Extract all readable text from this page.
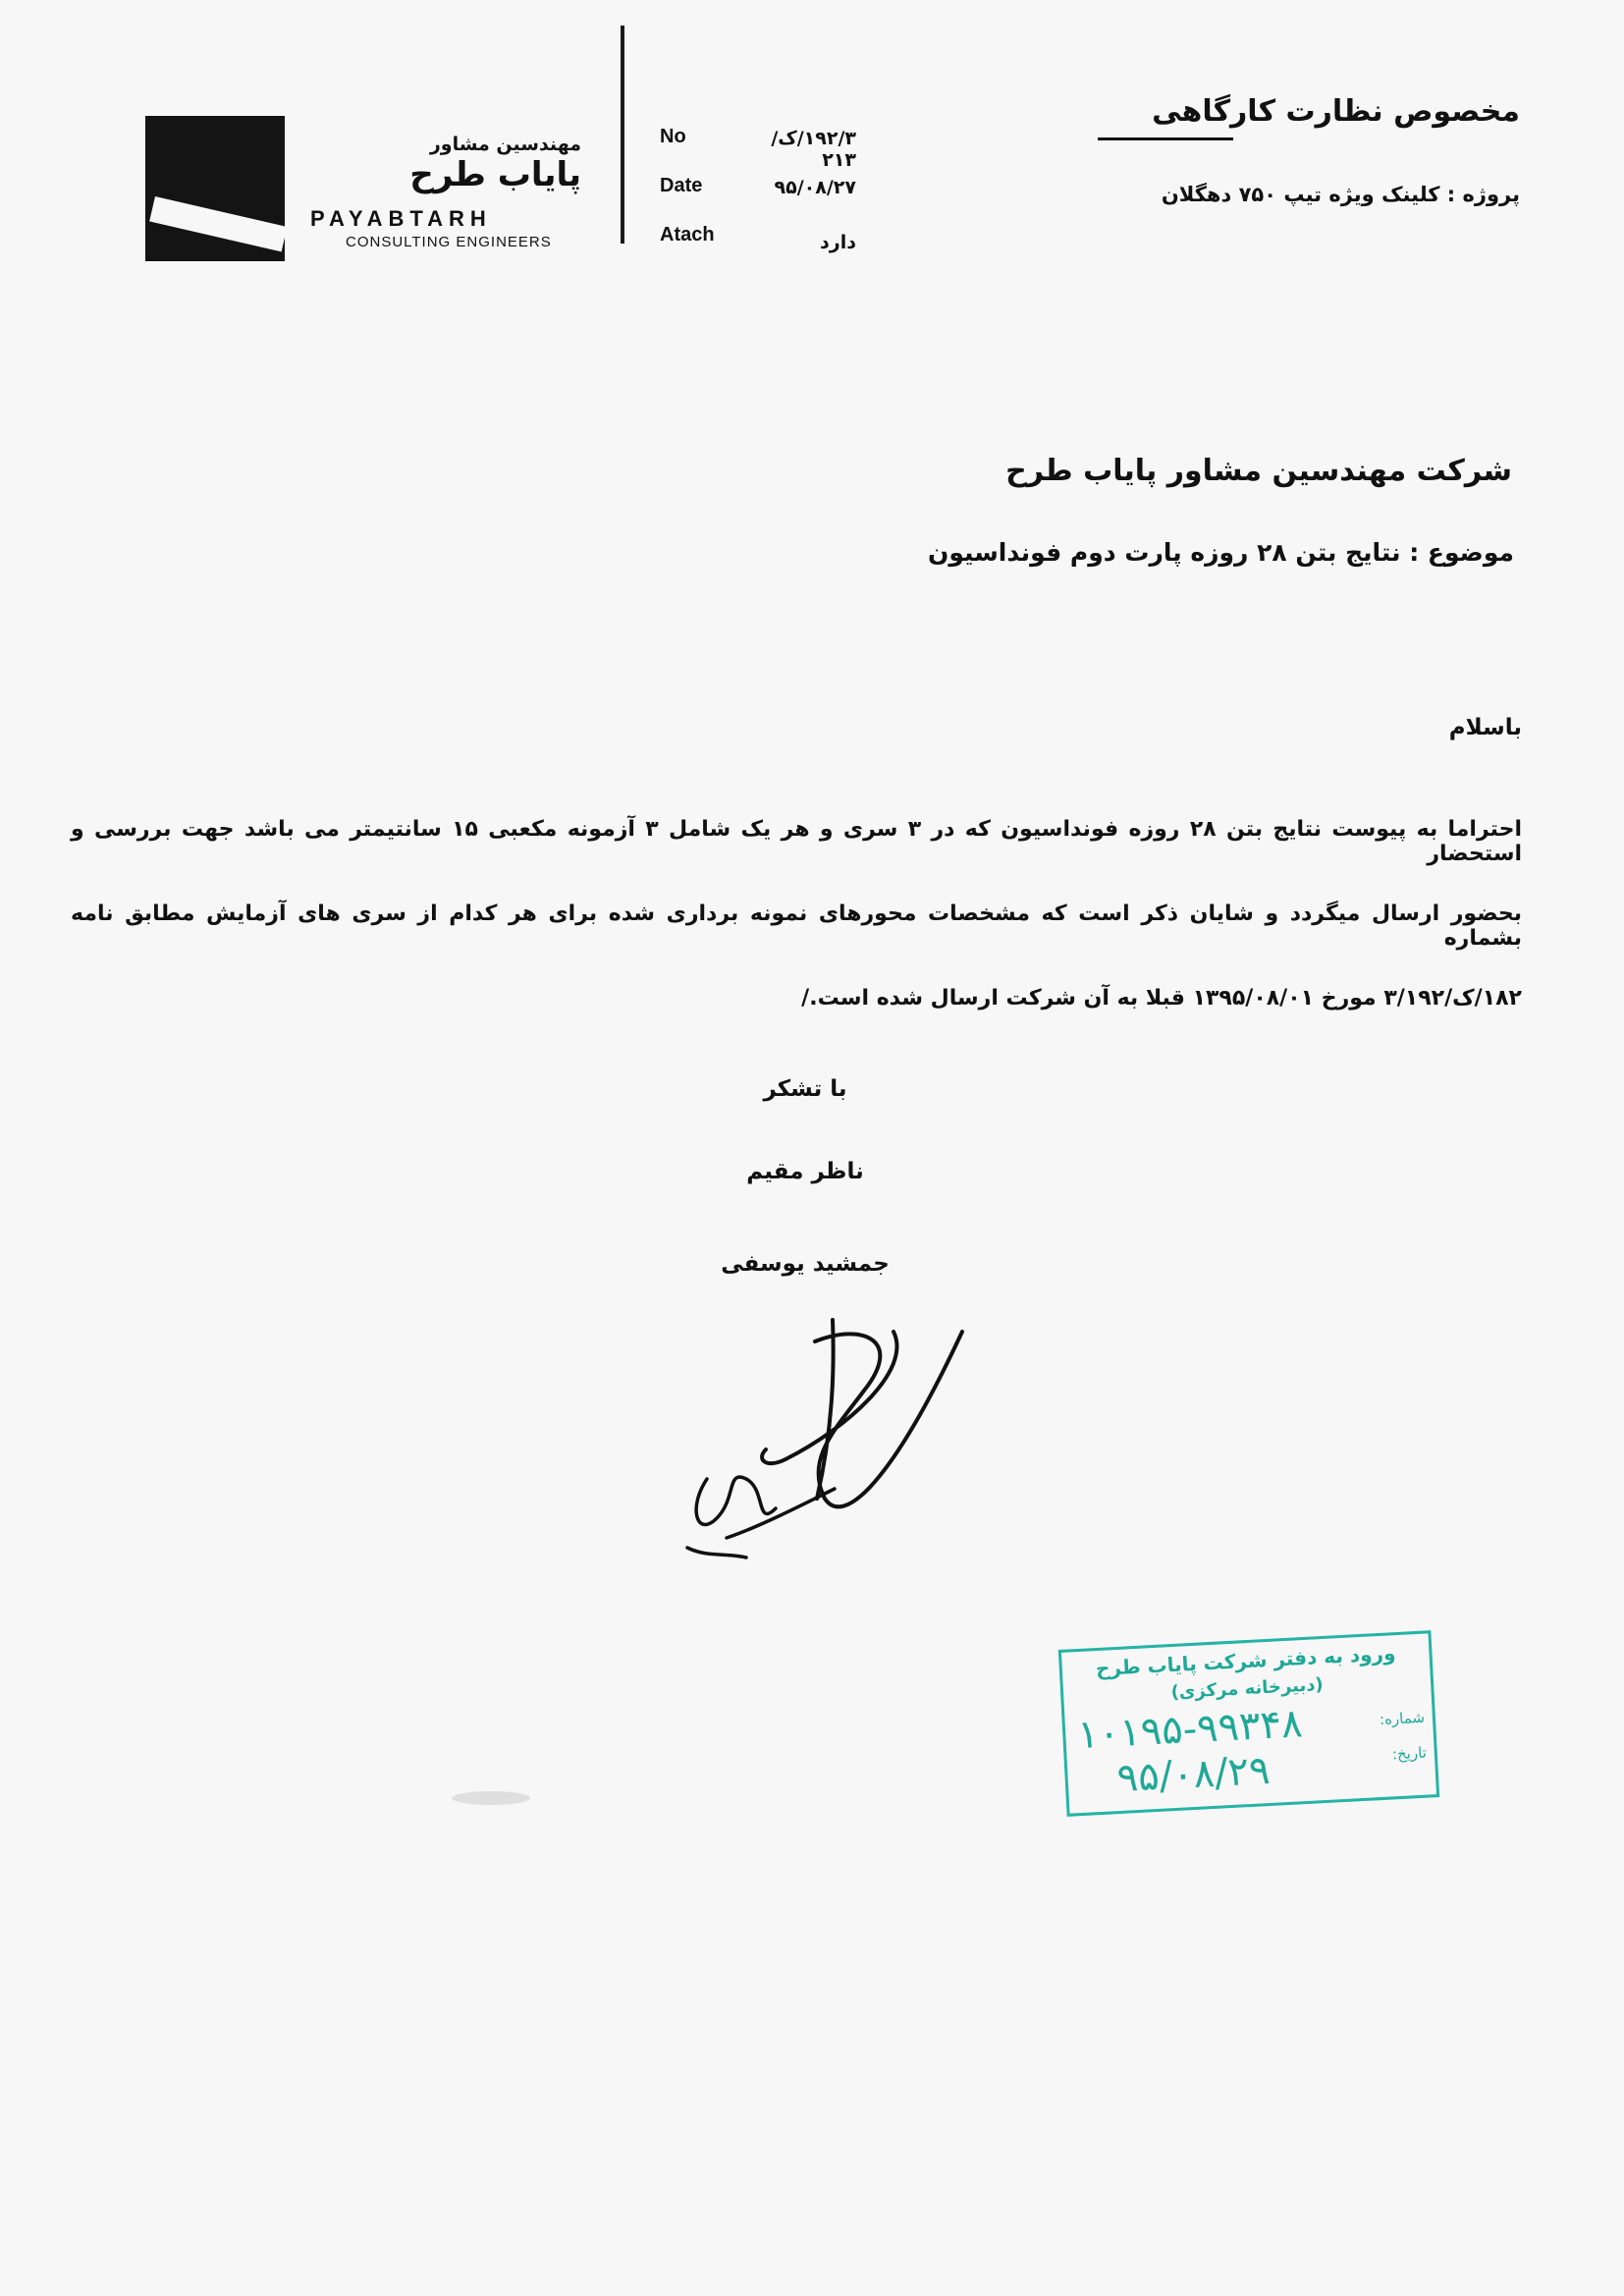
مهندسین مشاور
پایاب طرح
PAYABTARH
CONSULTING ENGINEERS
No	۱۹۲/۳/ک/۲۱۳
Date	۹۵/۰۸/۲۷
Atach	دارد
مخصوص نظارت کارگاهی
پروژه : کلینک ویژه تیپ ۷۵۰ دهگلان
شرکت مهندسین مشاور پایاب طرح
موضوع : نتایج بتن ۲۸ روزه پارت دوم فونداسیون
باسلام
احتراما به پیوست نتایج بتن ۲۸ روزه فونداسیون که در ۳ سری و هر یک شامل ۳ آزمونه مکعبی ۱۵ سانتیمتر می باشد جهت بررسی و استحضار
بحضور ارسال میگردد و شایان ذکر است که مشخصات محورهای نمونه برداری شده برای هر کدام از سری های آزمایش مطابق نامه بشماره
۱۸۲/ک/۳/۱۹۲ مورخ ۱۳۹۵/۰۸/۰۱ قبلا به آن شرکت ارسال شده است./
با تشکر
ناظر مقیم
جمشید یوسفی
ورود به دفتر شرکت پایاب طرح
(دبیرخانه مرکزی)
شماره:
۱۰۱۹۵-۹۹۳۴۸	تاریخ:
۹۵/۰۸/۲۹
